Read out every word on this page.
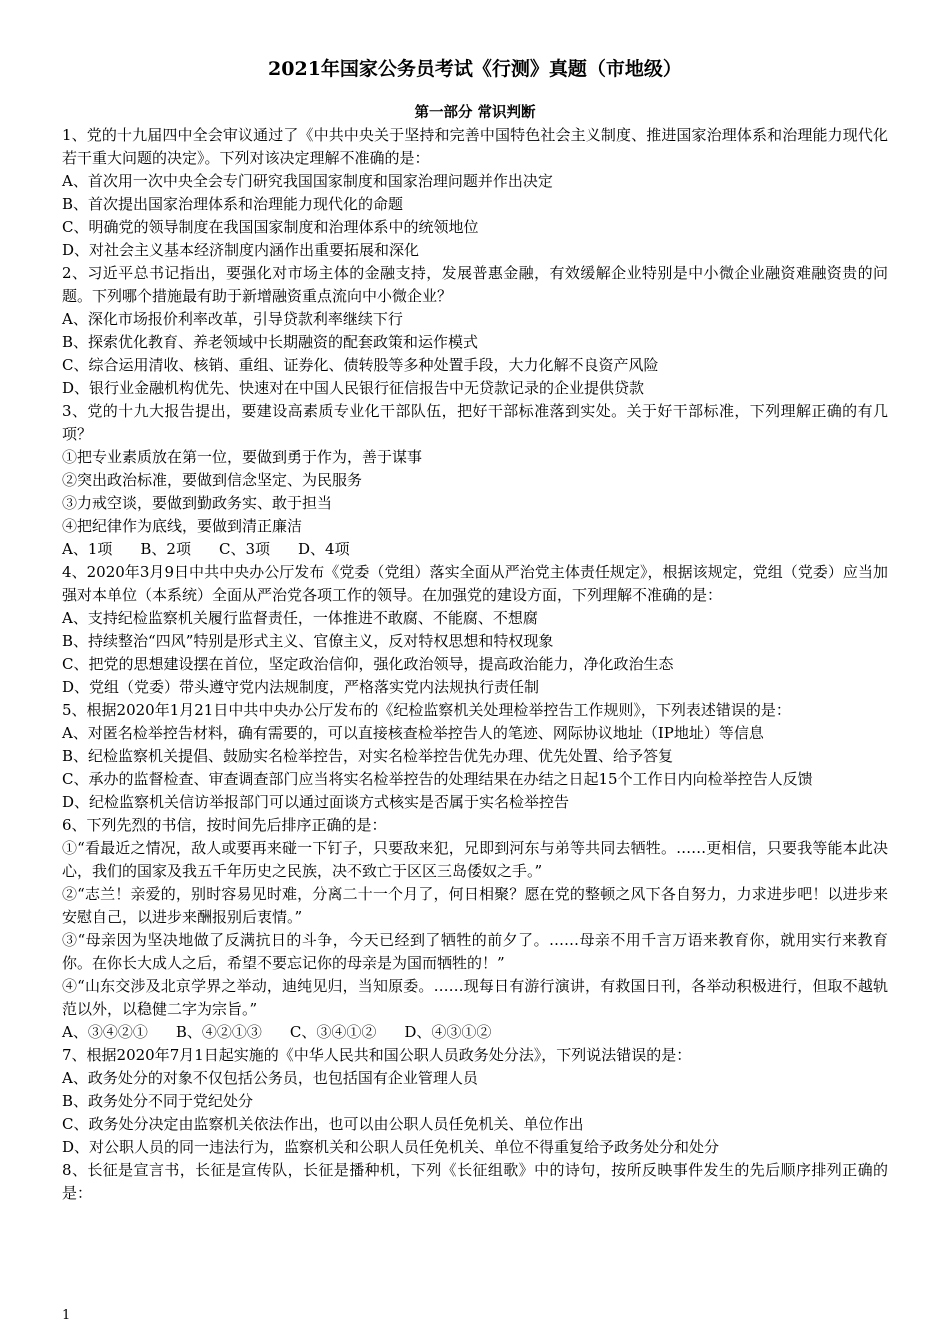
2021年国家公务员考试《行测》真题（市地级）
第一部分 常识判断
1、党的十九届四中全会审议通过了《中共中央关于坚持和完善中国特色社会主义制度、推进国家治理体系和治理能力现代化若干重大问题的决定》。下列对该决定理解不准确的是：
A、首次用一次中央全会专门研究我国国家制度和国家治理问题并作出决定
B、首次提出国家治理体系和治理能力现代化的命题
C、明确党的领导制度在我国国家制度和治理体系中的统领地位
D、对社会主义基本经济制度内涵作出重要拓展和深化
2、习近平总书记指出，要强化对市场主体的金融支持，发展普惠金融，有效缓解企业特别是中小微企业融资难融资贵的问题。下列哪个措施最有助于新增融资重点流向中小微企业？
A、深化市场报价利率改革，引导贷款利率继续下行
B、探索优化教育、养老领域中长期融资的配套政策和运作模式
C、综合运用清收、核销、重组、证券化、债转股等多种处置手段，大力化解不良资产风险
D、银行业金融机构优先、快速对在中国人民银行征信报告中无贷款记录的企业提供贷款
3、党的十九大报告提出，要建设高素质专业化干部队伍，把好干部标准落到实处。关于好干部标准，下列理解正确的有几项？
①把专业素质放在第一位，要做到勇于作为，善于谋事
②突出政治标准，要做到信念坚定、为民服务
③力戒空谈，要做到勤政务实、敢于担当
④把纪律作为底线，要做到清正廉洁
A、1项 B、2项 C、3项 D、4项
4、2020年3月9日中共中央办公厅发布《党委（党组）落实全面从严治党主体责任规定》，根据该规定，党组（党委）应当加强对本单位（本系统）全面从严治党各项工作的领导。在加强党的建设方面，下列理解不准确的是：
A、支持纪检监察机关履行监督责任，一体推进不敢腐、不能腐、不想腐
B、持续整治“四风”特别是形式主义、官僚主义，反对特权思想和特权现象
C、把党的思想建设摆在首位，坚定政治信仰，强化政治领导，提高政治能力，净化政治生态
D、党组（党委）带头遵守党内法规制度，严格落实党内法规执行责任制
5、根据2020年1月21日中共中央办公厅发布的《纪检监察机关处理检举控告工作规则》，下列表述错误的是：
A、对匿名检举控告材料，确有需要的，可以直接核查检举控告人的笔迹、网际协议地址（IP地址）等信息
B、纪检监察机关提倡、鼓励实名检举控告，对实名检举控告优先办理、优先处置、给予答复
C、承办的监督检查、审查调查部门应当将实名检举控告的处理结果在办结之日起15个工作日内向检举控告人反馈
D、纪检监察机关信访举报部门可以通过面谈方式核实是否属于实名检举控告
6、下列先烈的书信，按时间先后排序正确的是：
①“看最近之情况，敌人或要再来碰一下钉子，只要敌来犯，兄即到河东与弟等共同去牺牲。……更相信，只要我等能本此决心，我们的国家及我五千年历史之民族，决不致亡于区区三岛倭奴之手。”
②“志兰！亲爱的，别时容易见时难，分离二十一个月了，何日相聚？愿在党的整顿之风下各自努力，力求进步吧！以进步来安慰自己，以进步来酬报别后衷情。”
③“母亲因为坚决地做了反满抗日的斗争，今天已经到了牺牲的前夕了。……母亲不用千言万语来教育你，就用实行来教育你。在你长大成人之后，希望不要忘记你的母亲是为国而牺牲的！”
④“山东交涉及北京学界之举动，迪纯见归，当知原委。……现每日有游行演讲，有救国日刊，各举动积极进行，但取不越轨范以外，以稳健二字为宗旨。”
A、③④②① B、④②①③ C、③④①② D、④③①②
7、根据2020年7月1日起实施的《中华人民共和国公职人员政务处分法》，下列说法错误的是：
A、政务处分的对象不仅包括公务员，也包括国有企业管理人员
B、政务处分不同于党纪处分
C、政务处分决定由监察机关依法作出，也可以由公职人员任免机关、单位作出
D、对公职人员的同一违法行为，监察机关和公职人员任免机关、单位不得重复给予政务处分和处分
8、长征是宣言书，长征是宣传队，长征是播种机，下列《长征组歌》中的诗句，按所反映事件发生的先后顺序排列正确的是：
1
